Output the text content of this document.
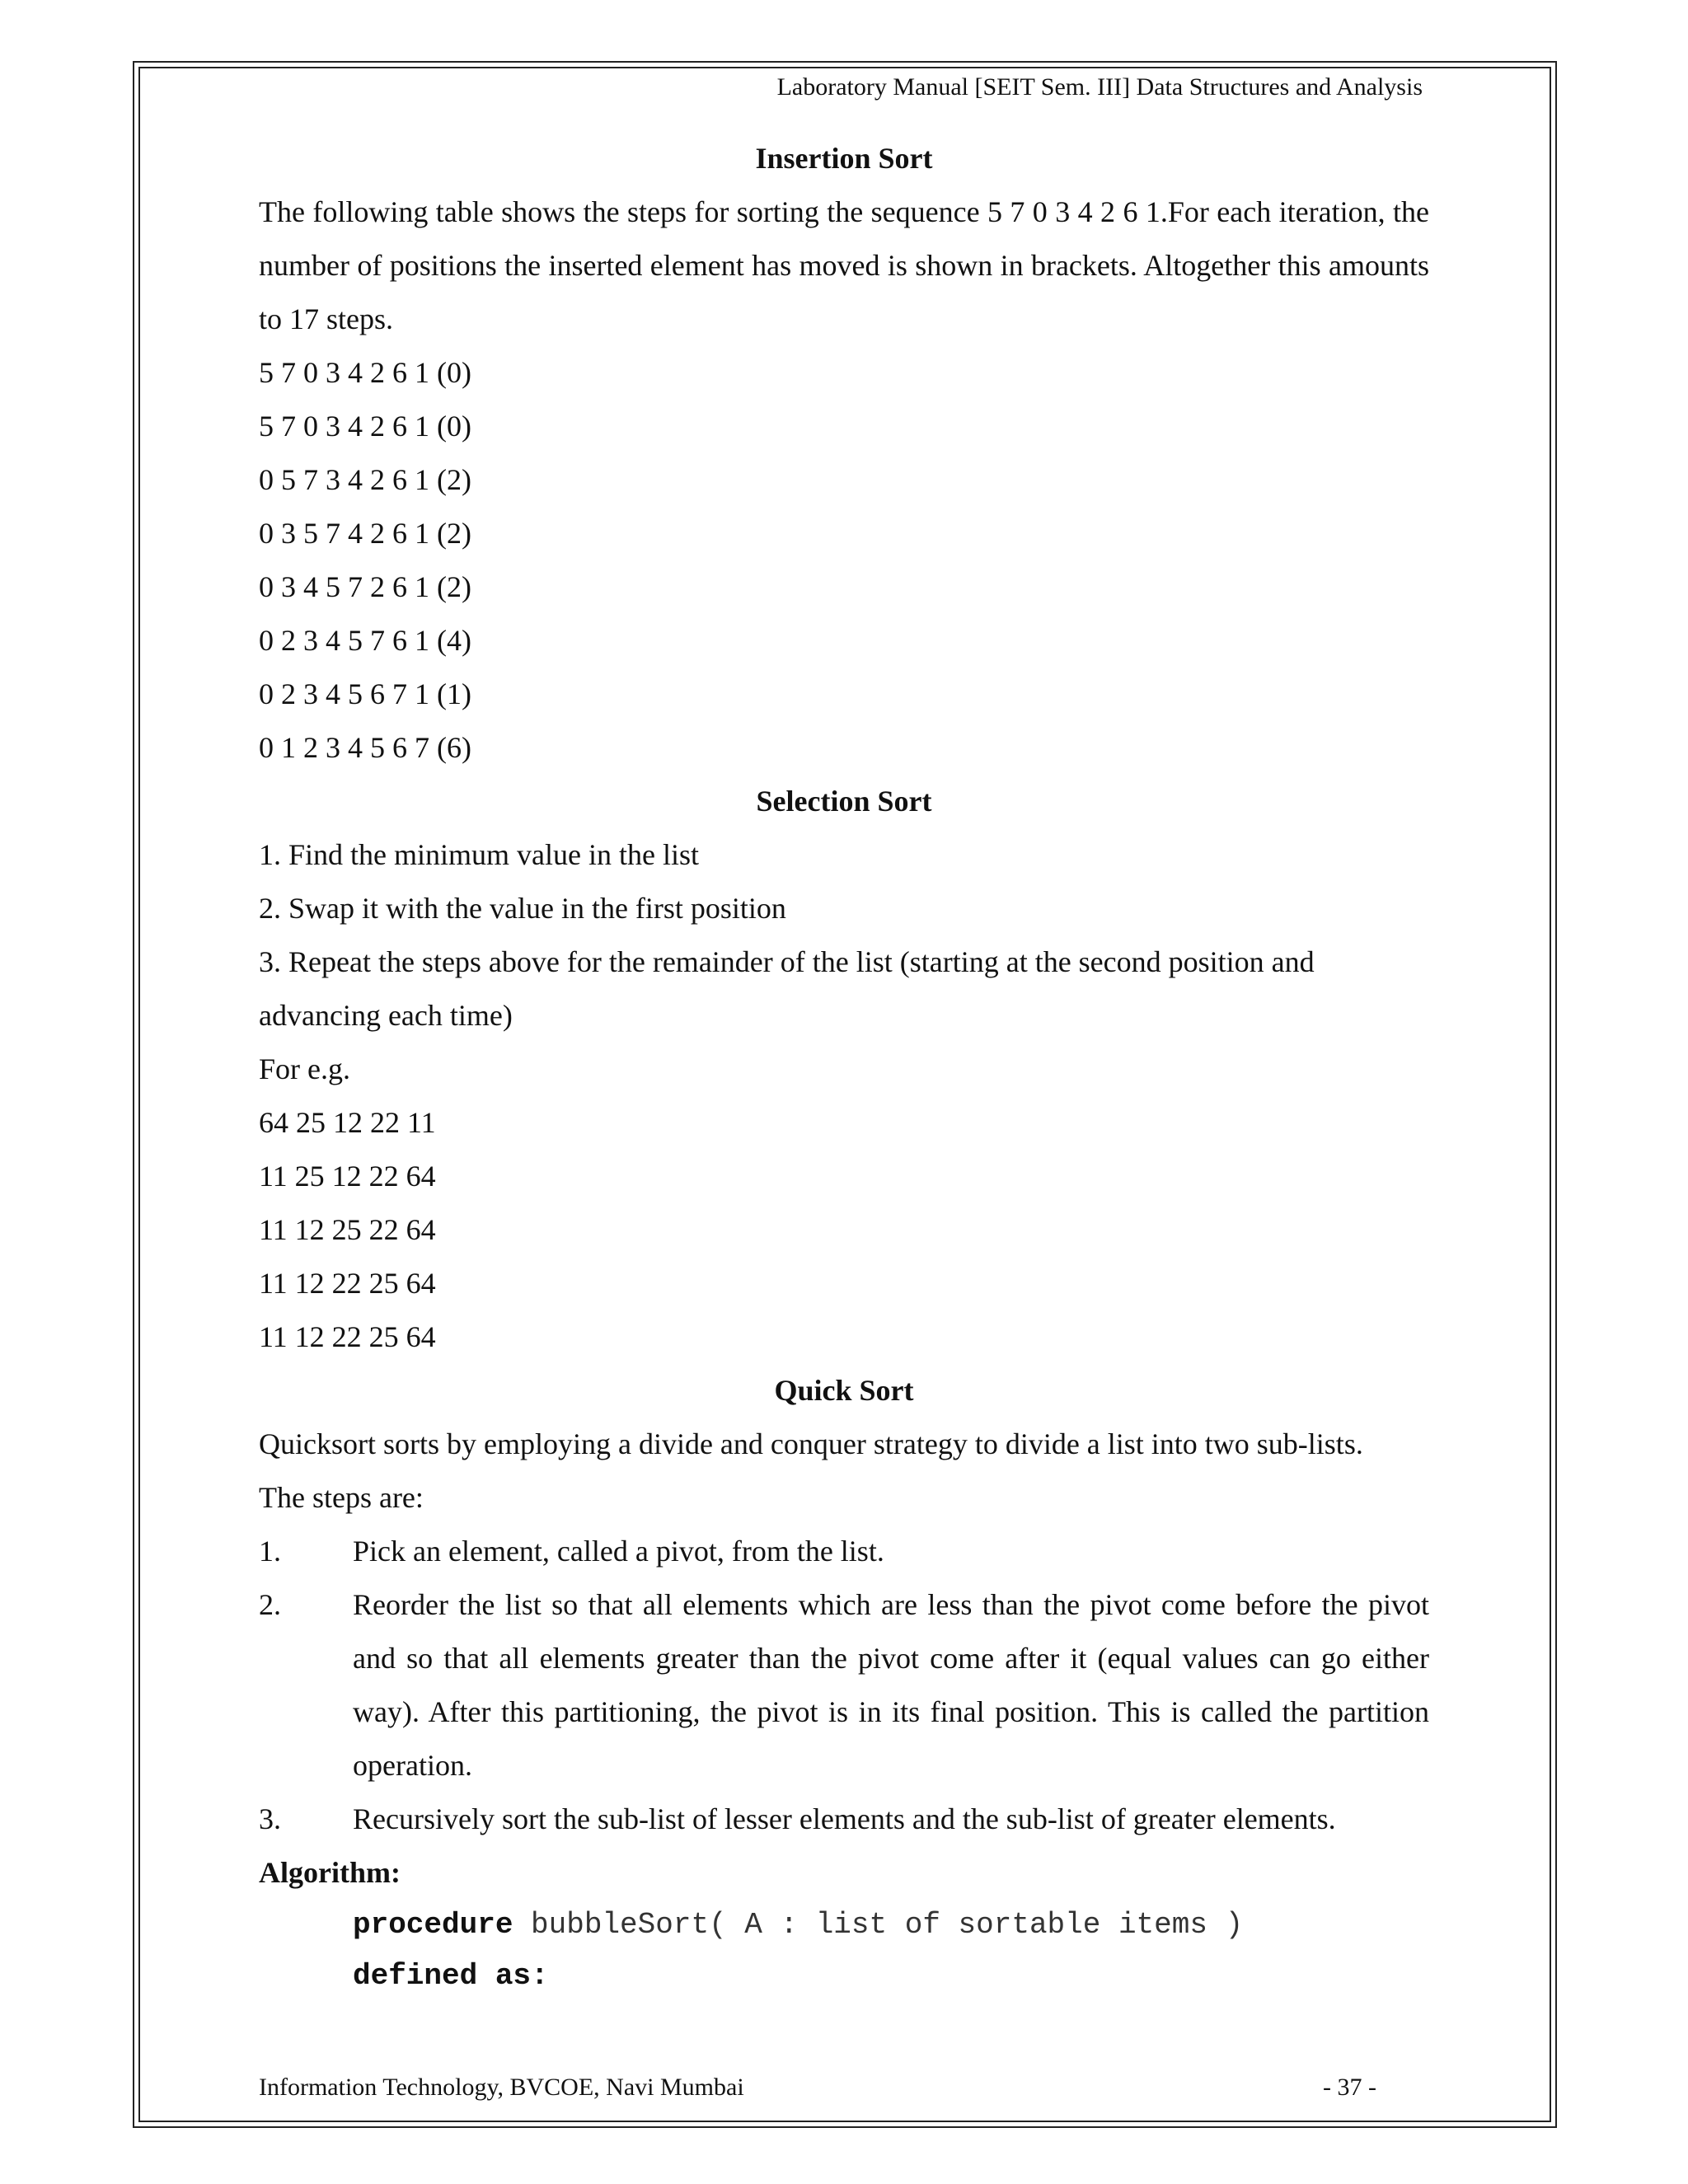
Laboratory Manual [SEIT Sem. III] Data Structures and Analysis

Insertion Sort

The following table shows the steps for sorting the sequence 5 7 0 3 4 2 6 1.For each iteration, the number of positions the inserted element has moved is shown in brackets. Altogether this amounts to 17 steps.

5 7 0 3 4 2 6 1 (0)

5 7 0 3 4 2 6 1 (0)

0 5 7 3 4 2 6 1 (2)

0 3 5 7 4 2 6 1 (2)

0 3 4 5 7 2 6 1 (2)

0 2 3 4 5 7 6 1 (4)

0 2 3 4 5 6 7 1 (1)

0 1 2 3 4 5 6 7 (6)

Selection Sort

1. Find the minimum value in the list

2. Swap it with the value in the first position

3. Repeat the steps above for the remainder of the list (starting at the second position and advancing each time)

For e.g.

64 25 12 22 11

11 25 12 22 64

11 12 25 22 64

11 12 22 25 64

11 12 22 25 64

Quick Sort

Quicksort sorts by employing a divide and conquer strategy to divide a list into two sub-lists.

The steps are:

1.	Pick an element, called a pivot, from the list.
2.	Reorder the list so that all elements which are less than the pivot come before the pivot and so that all elements greater than the pivot come after it (equal values can go either way). After this partitioning, the pivot is in its final position. This is called the partition operation.
3.	Recursively sort the sub-list of lesser elements and the sub-list of greater elements.

Algorithm:

procedure bubbleSort( A : list of sortable items )
defined as:
Information Technology, BVCOE, Navi Mumbai	- 37 -
